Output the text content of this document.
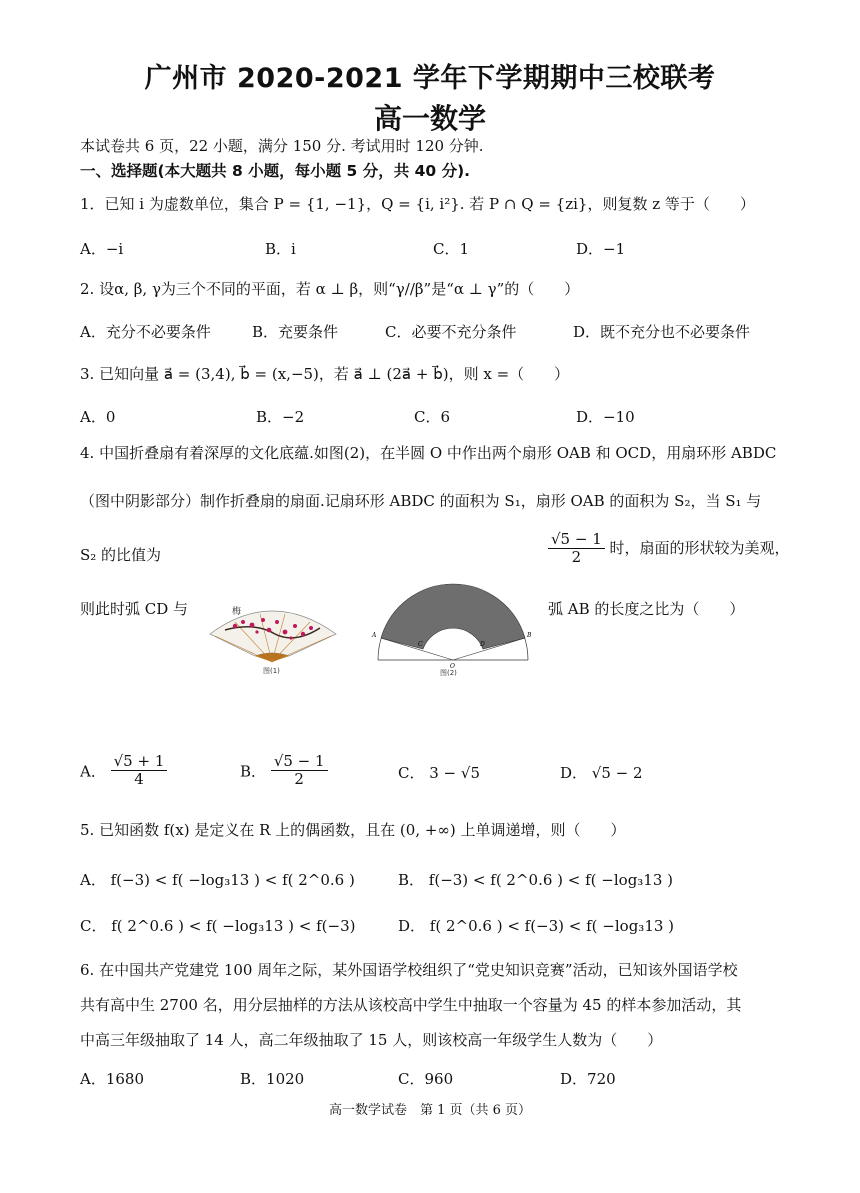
广州市 2020-2021 学年下学期期中三校联考
高一数学
本试卷共 6 页，22 小题，满分 150 分. 考试用时 120 分钟.
一、选择题(本大题共 8 小题，每小题 5 分，共 40 分).
1．已知 i 为虚数单位，集合 P = {1, −1}，Q = {i, i²}. 若 P ∩ Q = {zi}，则复数 z 等于（　　）
A．−i	B．i	C．1	D．−1
2. 设α, β, γ为三个不同的平面，若 α ⊥ β，则“γ//β”是“α ⊥ γ”的（　　）
A．充分不必要条件	B．充要条件	C．必要不充分条件	D．既不充分也不必要条件
3. 已知向量 a⃗ = (3,4), b⃗ = (x,−5)，若 a⃗ ⊥ (2a⃗ + b⃗)，则 x =（　　）
A．0	B．−2	C．6	D．−10
4. 中国折叠扇有着深厚的文化底蕴.如图(2)，在半圆 O 中作出两个扇形 OAB 和 OCD，用扇环形 ABDC
（图中阴影部分）制作折叠扇的扇面.记扇环形 ABDC 的面积为 S₁，扇形 OAB 的面积为 S₂，当 S₁ 与
S₂ 的比值为	$\frac{√5 - 1}{2}$ 时，扇面的形状较为美观，
则此时弧 CD 与	弧 AB 的长度之比为（　　）
梅
图(1)
A	B
C	D
O
图(2)
A． $\frac{√5 + 1}{4}$	B． $\frac{√5 - 1}{2}$	C． 3 − √5	D． √5 − 2
5. 已知函数 f(x) 是定义在 R 上的偶函数，且在 (0, +∞) 上单调递增，则（　　）
A． f(−3) < f( −log₃13 ) < f( 2^0.6 )	B． f(−3) < f( 2^0.6 ) < f( −log₃13 )
C． f( 2^0.6 ) < f( −log₃13 ) < f(−3)	D． f( 2^0.6 ) < f(−3) < f( −log₃13 )
6. 在中国共产党建党 100 周年之际，某外国语学校组织了“党史知识竞赛”活动，已知该外国语学校
共有高中生 2700 名，用分层抽样的方法从该校高中学生中抽取一个容量为 45 的样本参加活动，其
中高三年级抽取了 14 人，高二年级抽取了 15 人，则该校高一年级学生人数为（　　）
A．1680	B．1020	C．960	D．720
高一数学试卷　第 1 页（共 6 页）
